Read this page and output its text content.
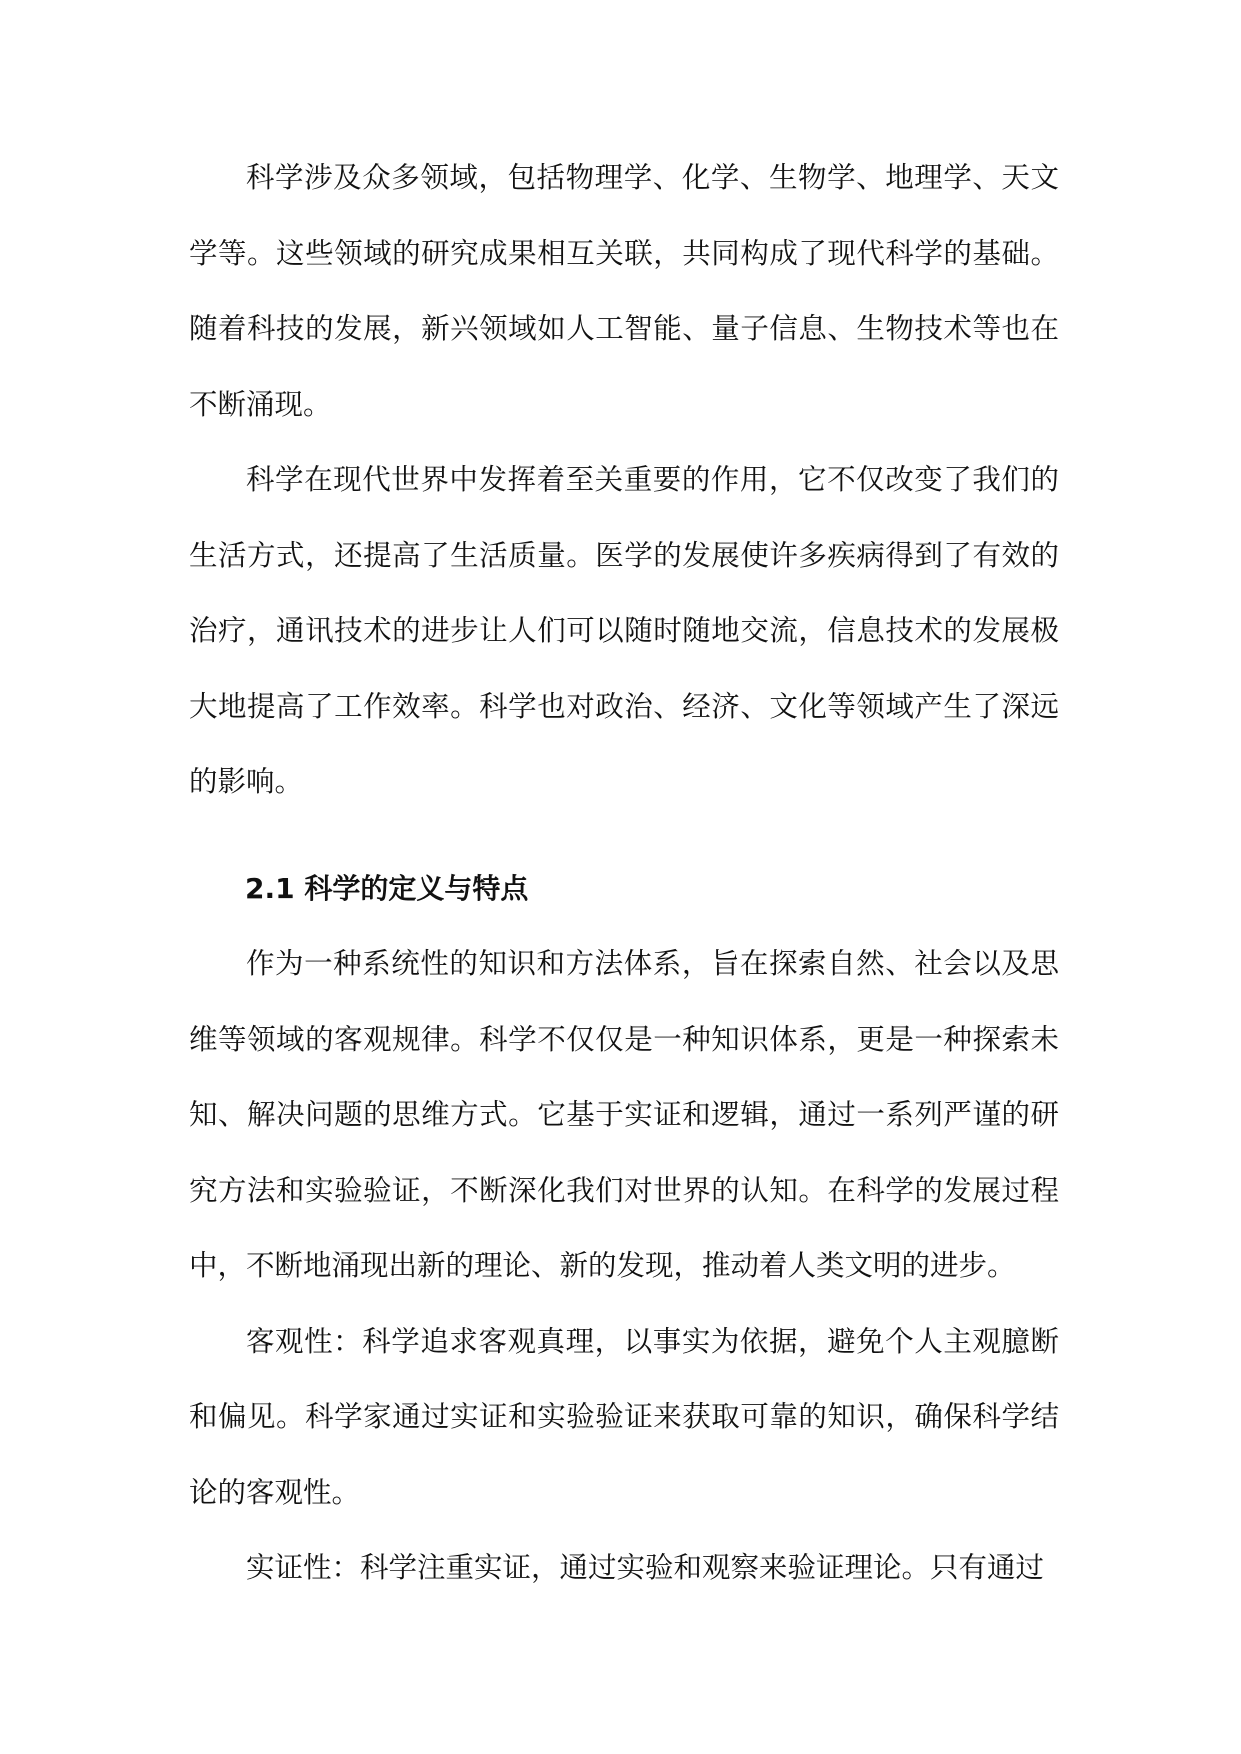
科学涉及众多领域，包括物理学、化学、生物学、地理学、天文学等。这些领域的研究成果相互关联，共同构成了现代科学的基础。随着科技的发展，新兴领域如人工智能、量子信息、生物技术等也在不断涌现。

科学在现代世界中发挥着至关重要的作用，它不仅改变了我们的生活方式，还提高了生活质量。医学的发展使许多疾病得到了有效的治疗，通讯技术的进步让人们可以随时随地交流，信息技术的发展极大地提高了工作效率。科学也对政治、经济、文化等领域产生了深远的影响。

2.1 科学的定义与特点

作为一种系统性的知识和方法体系，旨在探索自然、社会以及思维等领域的客观规律。科学不仅仅是一种知识体系，更是一种探索未知、解决问题的思维方式。它基于实证和逻辑，通过一系列严谨的研究方法和实验验证，不断深化我们对世界的认知。在科学的发展过程中，不断地涌现出新的理论、新的发现，推动着人类文明的进步。

客观性：科学追求客观真理，以事实为依据，避免个人主观臆断和偏见。科学家通过实证和实验验证来获取可靠的知识，确保科学结论的客观性。

实证性：科学注重实证，通过实验和观察来验证理论。只有通过
